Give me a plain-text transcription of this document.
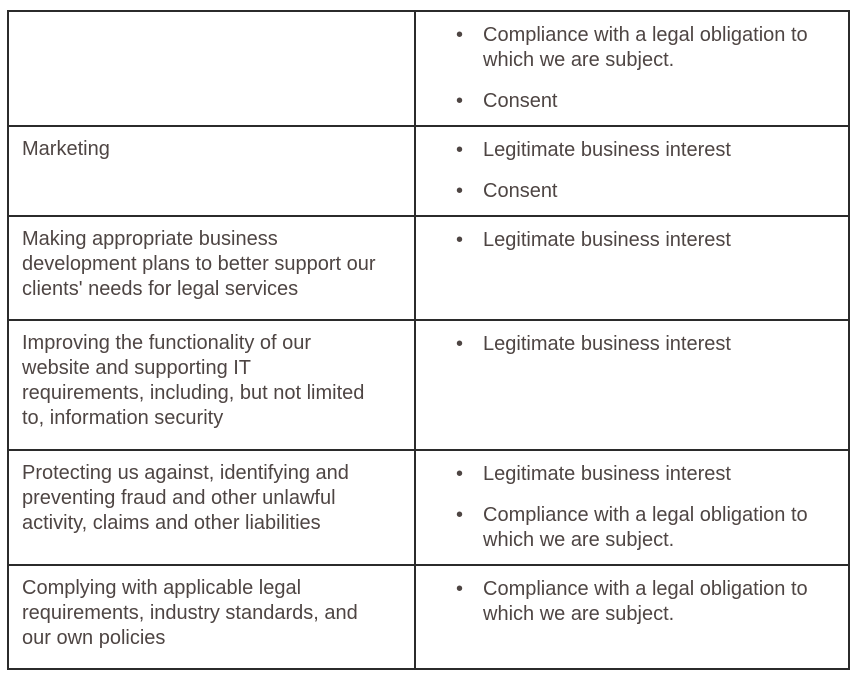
• Compliance with a legal obligation to which we are subject.
• Consent

Marketing	• Legitimate business interest
• Consent

Making appropriate business development plans to better support our clients' needs for legal services

• Legitimate business interest

Improving the functionality of our website and supporting IT requirements, including, but not limited to, information security

• Legitimate business interest

Protecting us against, identifying and preventing fraud and other unlawful activity, claims and other liabilities

• Legitimate business interest
• Compliance with a legal obligation to which we are subject.

Complying with applicable legal requirements, industry standards, and our own policies

• Compliance with a legal obligation to which we are subject.
